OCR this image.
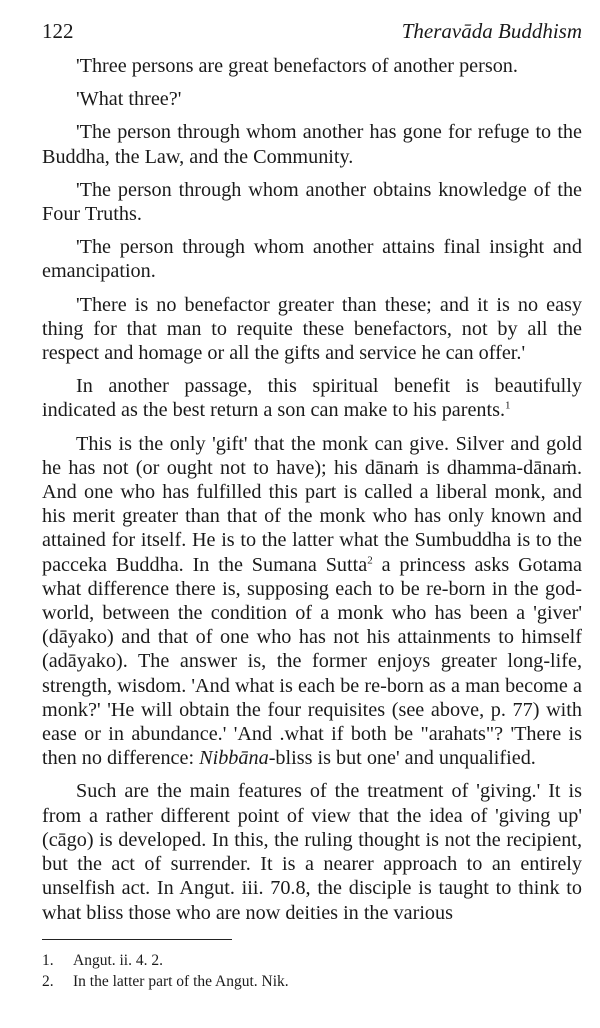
122	Theravāda Buddhism

'Three persons are great benefactors of another person.

'What three?'

'The person through whom another has gone for refuge to the Buddha, the Law, and the Community.

'The person through whom another obtains knowledge of the Four Truths.

'The person through whom another attains final insight and emancipation.

'There is no benefactor greater than these; and it is no easy thing for that man to requite these benefactors, not by all the respect and homage or all the gifts and service he can offer.'

In another passage, this spiritual benefit is beautifully indicated as the best return a son can make to his parents.$^1$

This is the only 'gift' that the monk can give. Silver and gold he has not (or ought not to have); his dānaṁ is dhamma-dānaṁ. And one who has fulfilled this part is called a liberal monk, and his merit greater than that of the monk who has only known and attained for itself. He is to the latter what the Sumbuddha is to the pacceka Buddha. In the Sumana Sutta$^2$ a princess asks Gotama what difference there is, supposing each to be re-born in the god-world, between the condition of a monk who has been a 'giver' (dāyako) and that of one who has not his attainments to himself (adāyako). The answer is, the former enjoys greater long-life, strength, wisdom. 'And what is each be re-born as a man become a monk?' 'He will obtain the four requisites (see above, p. 77) with ease or in abundance.' 'And .what if both be "arahats"? 'There is then no difference: Nibbāna-bliss is but one' and unqualified.

Such are the main features of the treatment of 'giving.' It is from a rather different point of view that the idea of 'giving up' (cāgo) is developed. In this, the ruling thought is not the recipient, but the act of surrender. It is a nearer approach to an entirely unselfish act. In Angut. iii. 70.8, the disciple is taught to think to what bliss those who are now deities in the various

1.	Angut. ii. 4. 2.
2.	In the latter part of the Angut. Nik.
